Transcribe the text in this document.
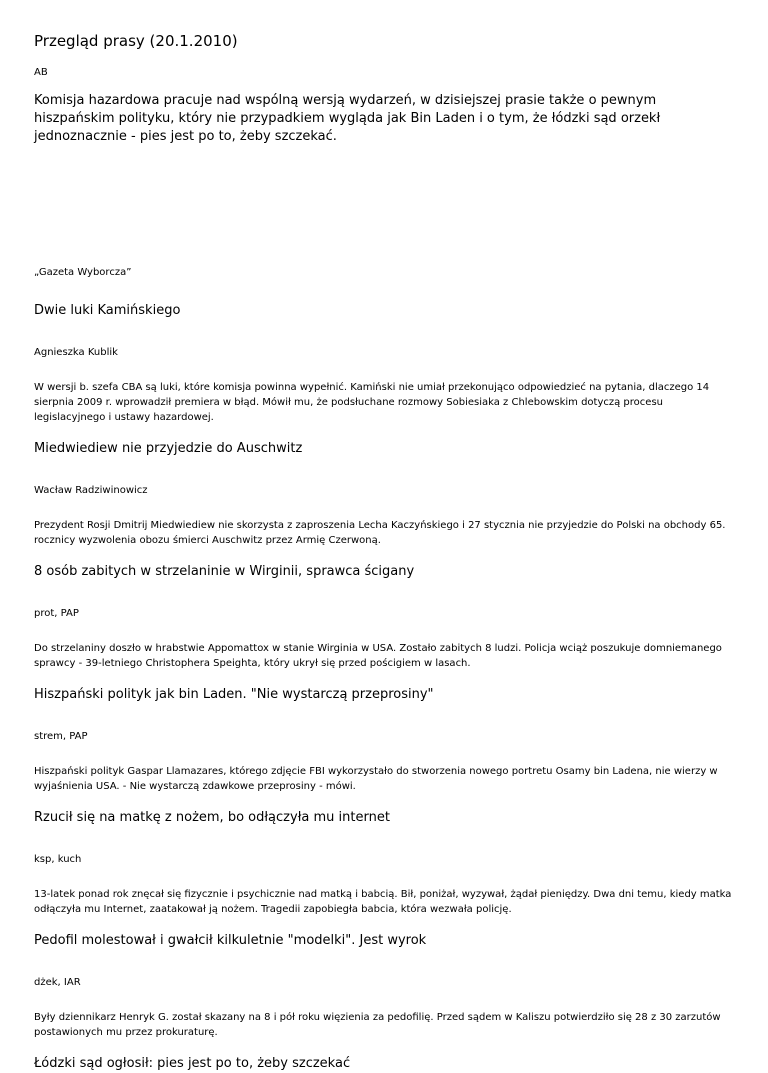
Przegląd prasy (20.1.2010)
AB
Komisja hazardowa pracuje nad wspólną wersją wydarzeń, w dzisiejszej prasie także o pewnym hiszpańskim polityku, który nie przypadkiem wygląda jak Bin Laden i o tym, że łódzki sąd orzekł jednoznacznie - pies jest po to, żeby szczekać.
„Gazeta Wyborcza”
Dwie luki Kamińskiego
Agnieszka Kublik
W wersji b. szefa CBA są luki, które komisja powinna wypełnić. Kamiński nie umiał przekonująco odpowiedzieć na pytania, dlaczego 14 sierpnia 2009 r. wprowadził premiera w błąd. Mówił mu, że podsłuchane rozmowy Sobiesiaka z Chlebowskim dotyczą procesu legislacyjnego i ustawy hazardowej.
Miedwiediew nie przyjedzie do Auschwitz
Wacław Radziwinowicz
Prezydent Rosji Dmitrij Miedwiediew nie skorzysta z zaproszenia Lecha Kaczyńskiego i 27 stycznia nie przyjedzie do Polski na obchody 65. rocznicy wyzwolenia obozu śmierci Auschwitz przez Armię Czerwoną.
8 osób zabitych w strzelaninie w Wirginii, sprawca ścigany
prot, PAP
Do strzelaniny doszło w hrabstwie Appomattox w stanie Wirginia w USA. Zostało zabitych 8 ludzi. Policja wciąż poszukuje domniemanego sprawcy - 39-letniego Christophera Speighta, który ukrył się przed pościgiem w lasach.
Hiszpański polityk jak bin Laden. "Nie wystarczą przeprosiny"
strem, PAP
Hiszpański polityk Gaspar Llamazares, którego zdjęcie FBI wykorzystało do stworzenia nowego portretu Osamy bin Ladena, nie wierzy w wyjaśnienia USA. - Nie wystarczą zdawkowe przeprosiny - mówi.
Rzucił się na matkę z nożem, bo odłączyła mu internet
ksp, kuch
13-latek ponad rok znęcał się fizycznie i psychicznie nad matką i babcią. Bił, poniżał, wyzywał, żądał pieniędzy. Dwa dni temu, kiedy matka odłączyła mu Internet, zaatakował ją nożem. Tragedii zapobiegła babcia, która wezwała policję.
Pedofil molestował i gwałcił kilkuletnie "modelki". Jest wyrok
dżek, IAR
Były dziennikarz Henryk G. został skazany na 8 i pół roku więzienia za pedofilię. Przed sądem w Kaliszu potwierdziło się 28 z 30 zarzutów postawionych mu przez prokuraturę.
Łódzki sąd ogłosił: pies jest po to, żeby szczekać
